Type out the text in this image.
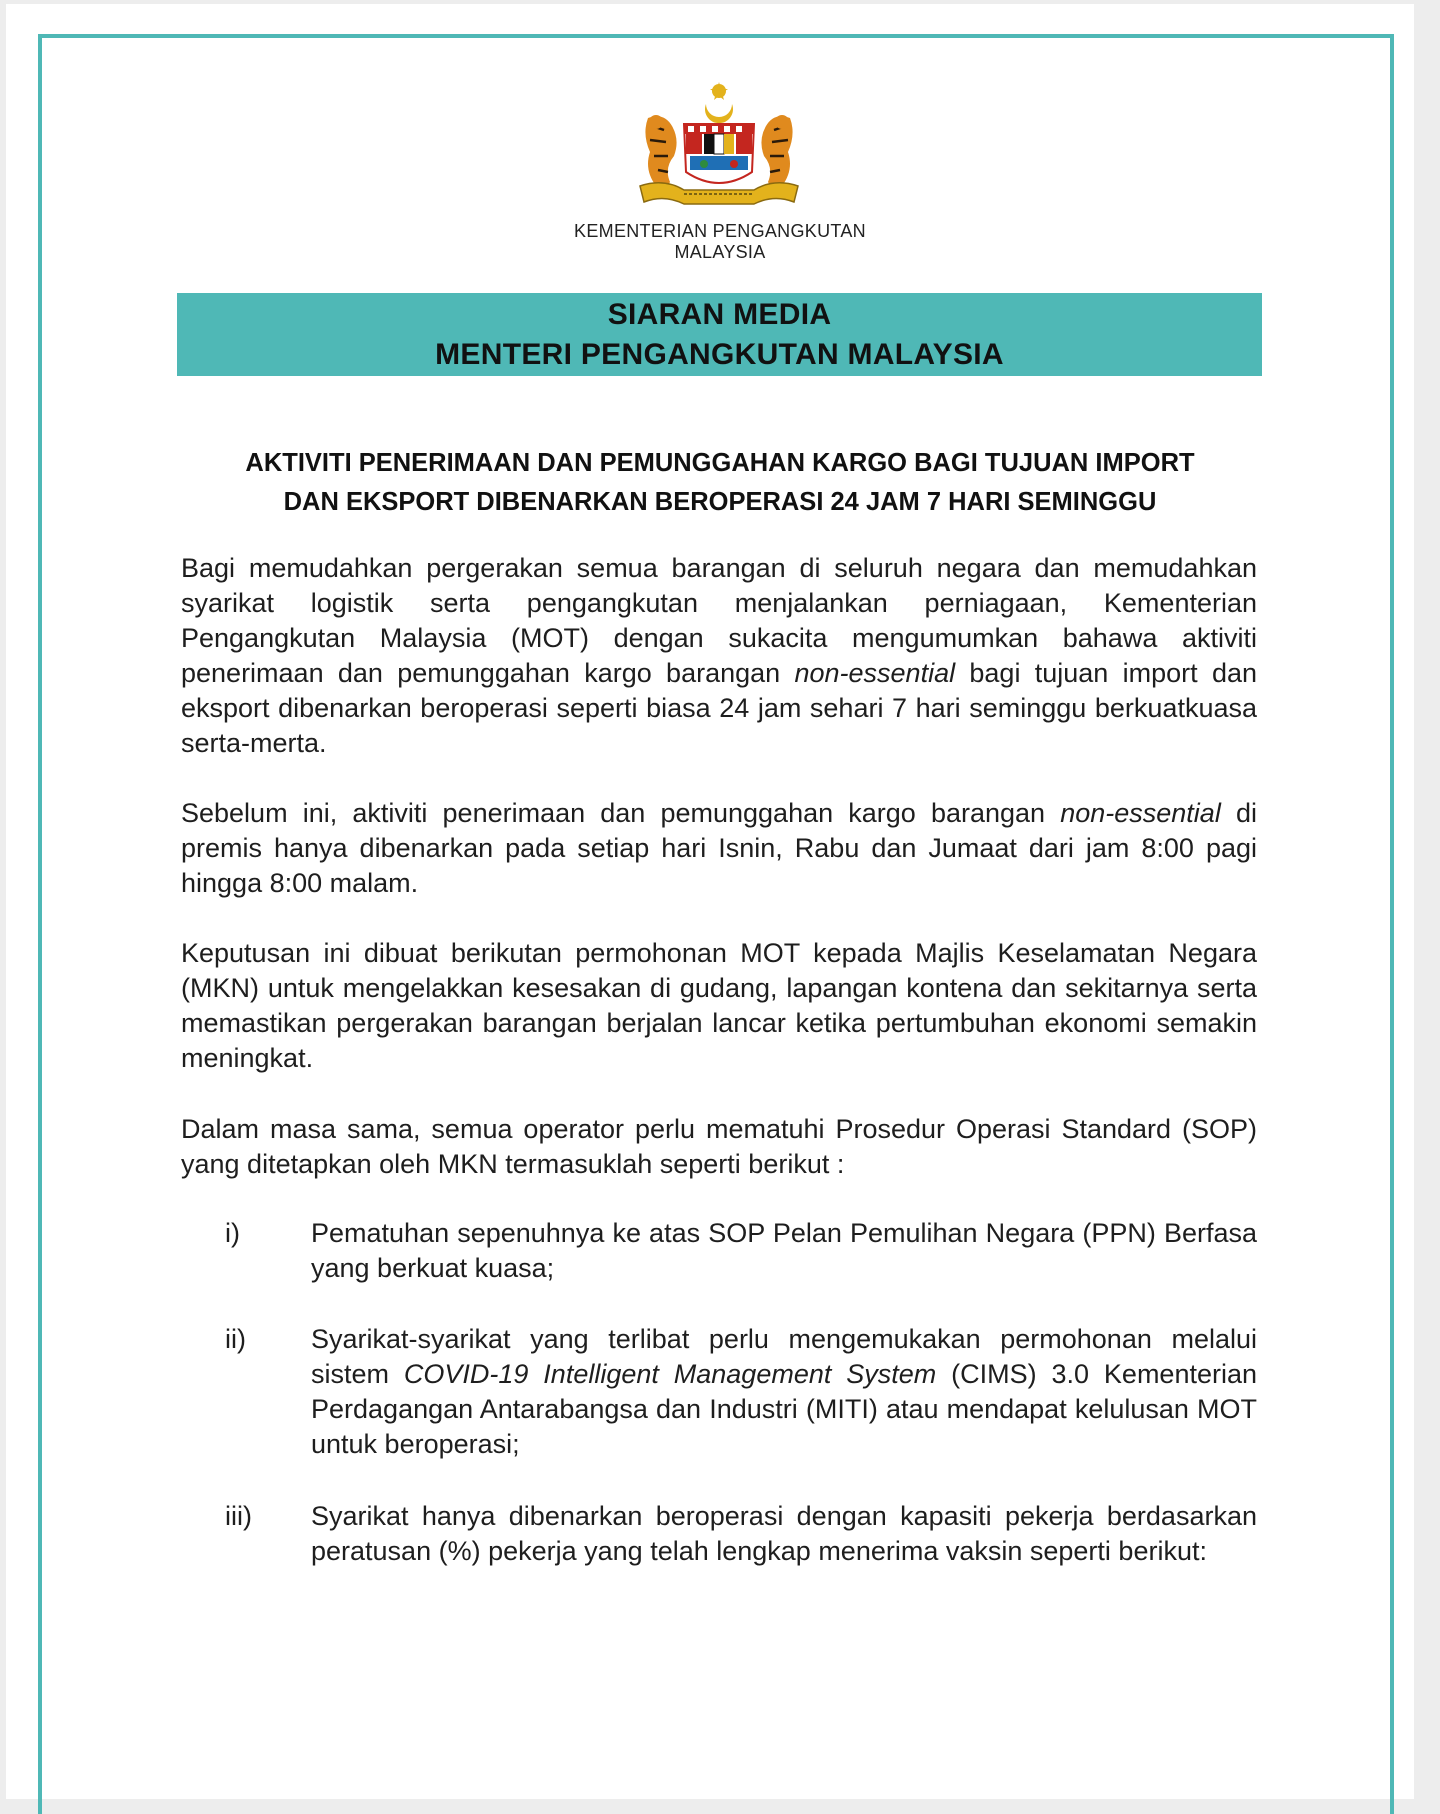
KEMENTERIAN PENGANGKUTAN
MALAYSIA
SIARAN MEDIA
MENTERI PENGANGKUTAN MALAYSIA
AKTIVITI PENERIMAAN DAN PEMUNGGAHAN KARGO BAGI TUJUAN IMPORT
DAN EKSPORT DIBENARKAN BEROPERASI 24 JAM 7 HARI SEMINGGU
Bagi memudahkan pergerakan semua barangan di seluruh negara dan memudahkan syarikat logistik serta pengangkutan menjalankan perniagaan, Kementerian Pengangkutan Malaysia (MOT) dengan sukacita mengumumkan bahawa aktiviti penerimaan dan pemunggahan kargo barangan non-essential bagi tujuan import dan eksport dibenarkan beroperasi seperti biasa 24 jam sehari 7 hari seminggu berkuatkuasa serta-merta.
Sebelum ini, aktiviti penerimaan dan pemunggahan kargo barangan non-essential di premis hanya dibenarkan pada setiap hari Isnin, Rabu dan Jumaat dari jam 8:00 pagi hingga 8:00 malam.
Keputusan ini dibuat berikutan permohonan MOT kepada Majlis Keselamatan Negara (MKN) untuk mengelakkan kesesakan di gudang, lapangan kontena dan sekitarnya serta memastikan pergerakan barangan berjalan lancar ketika pertumbuhan ekonomi semakin meningkat.
Dalam masa sama, semua operator perlu mematuhi Prosedur Operasi Standard (SOP) yang ditetapkan oleh MKN termasuklah seperti berikut :
i)	Pematuhan sepenuhnya ke atas SOP Pelan Pemulihan Negara (PPN) Berfasa yang berkuat kuasa;
ii) Syarikat-syarikat yang terlibat perlu mengemukakan permohonan melalui sistem COVID-19 Intelligent Management System (CIMS) 3.0 Kementerian Perdagangan Antarabangsa dan Industri (MITI) atau mendapat kelulusan MOT untuk beroperasi;
iii) Syarikat hanya dibenarkan beroperasi dengan kapasiti pekerja berdasarkan peratusan (%) pekerja yang telah lengkap menerima vaksin seperti berikut:
